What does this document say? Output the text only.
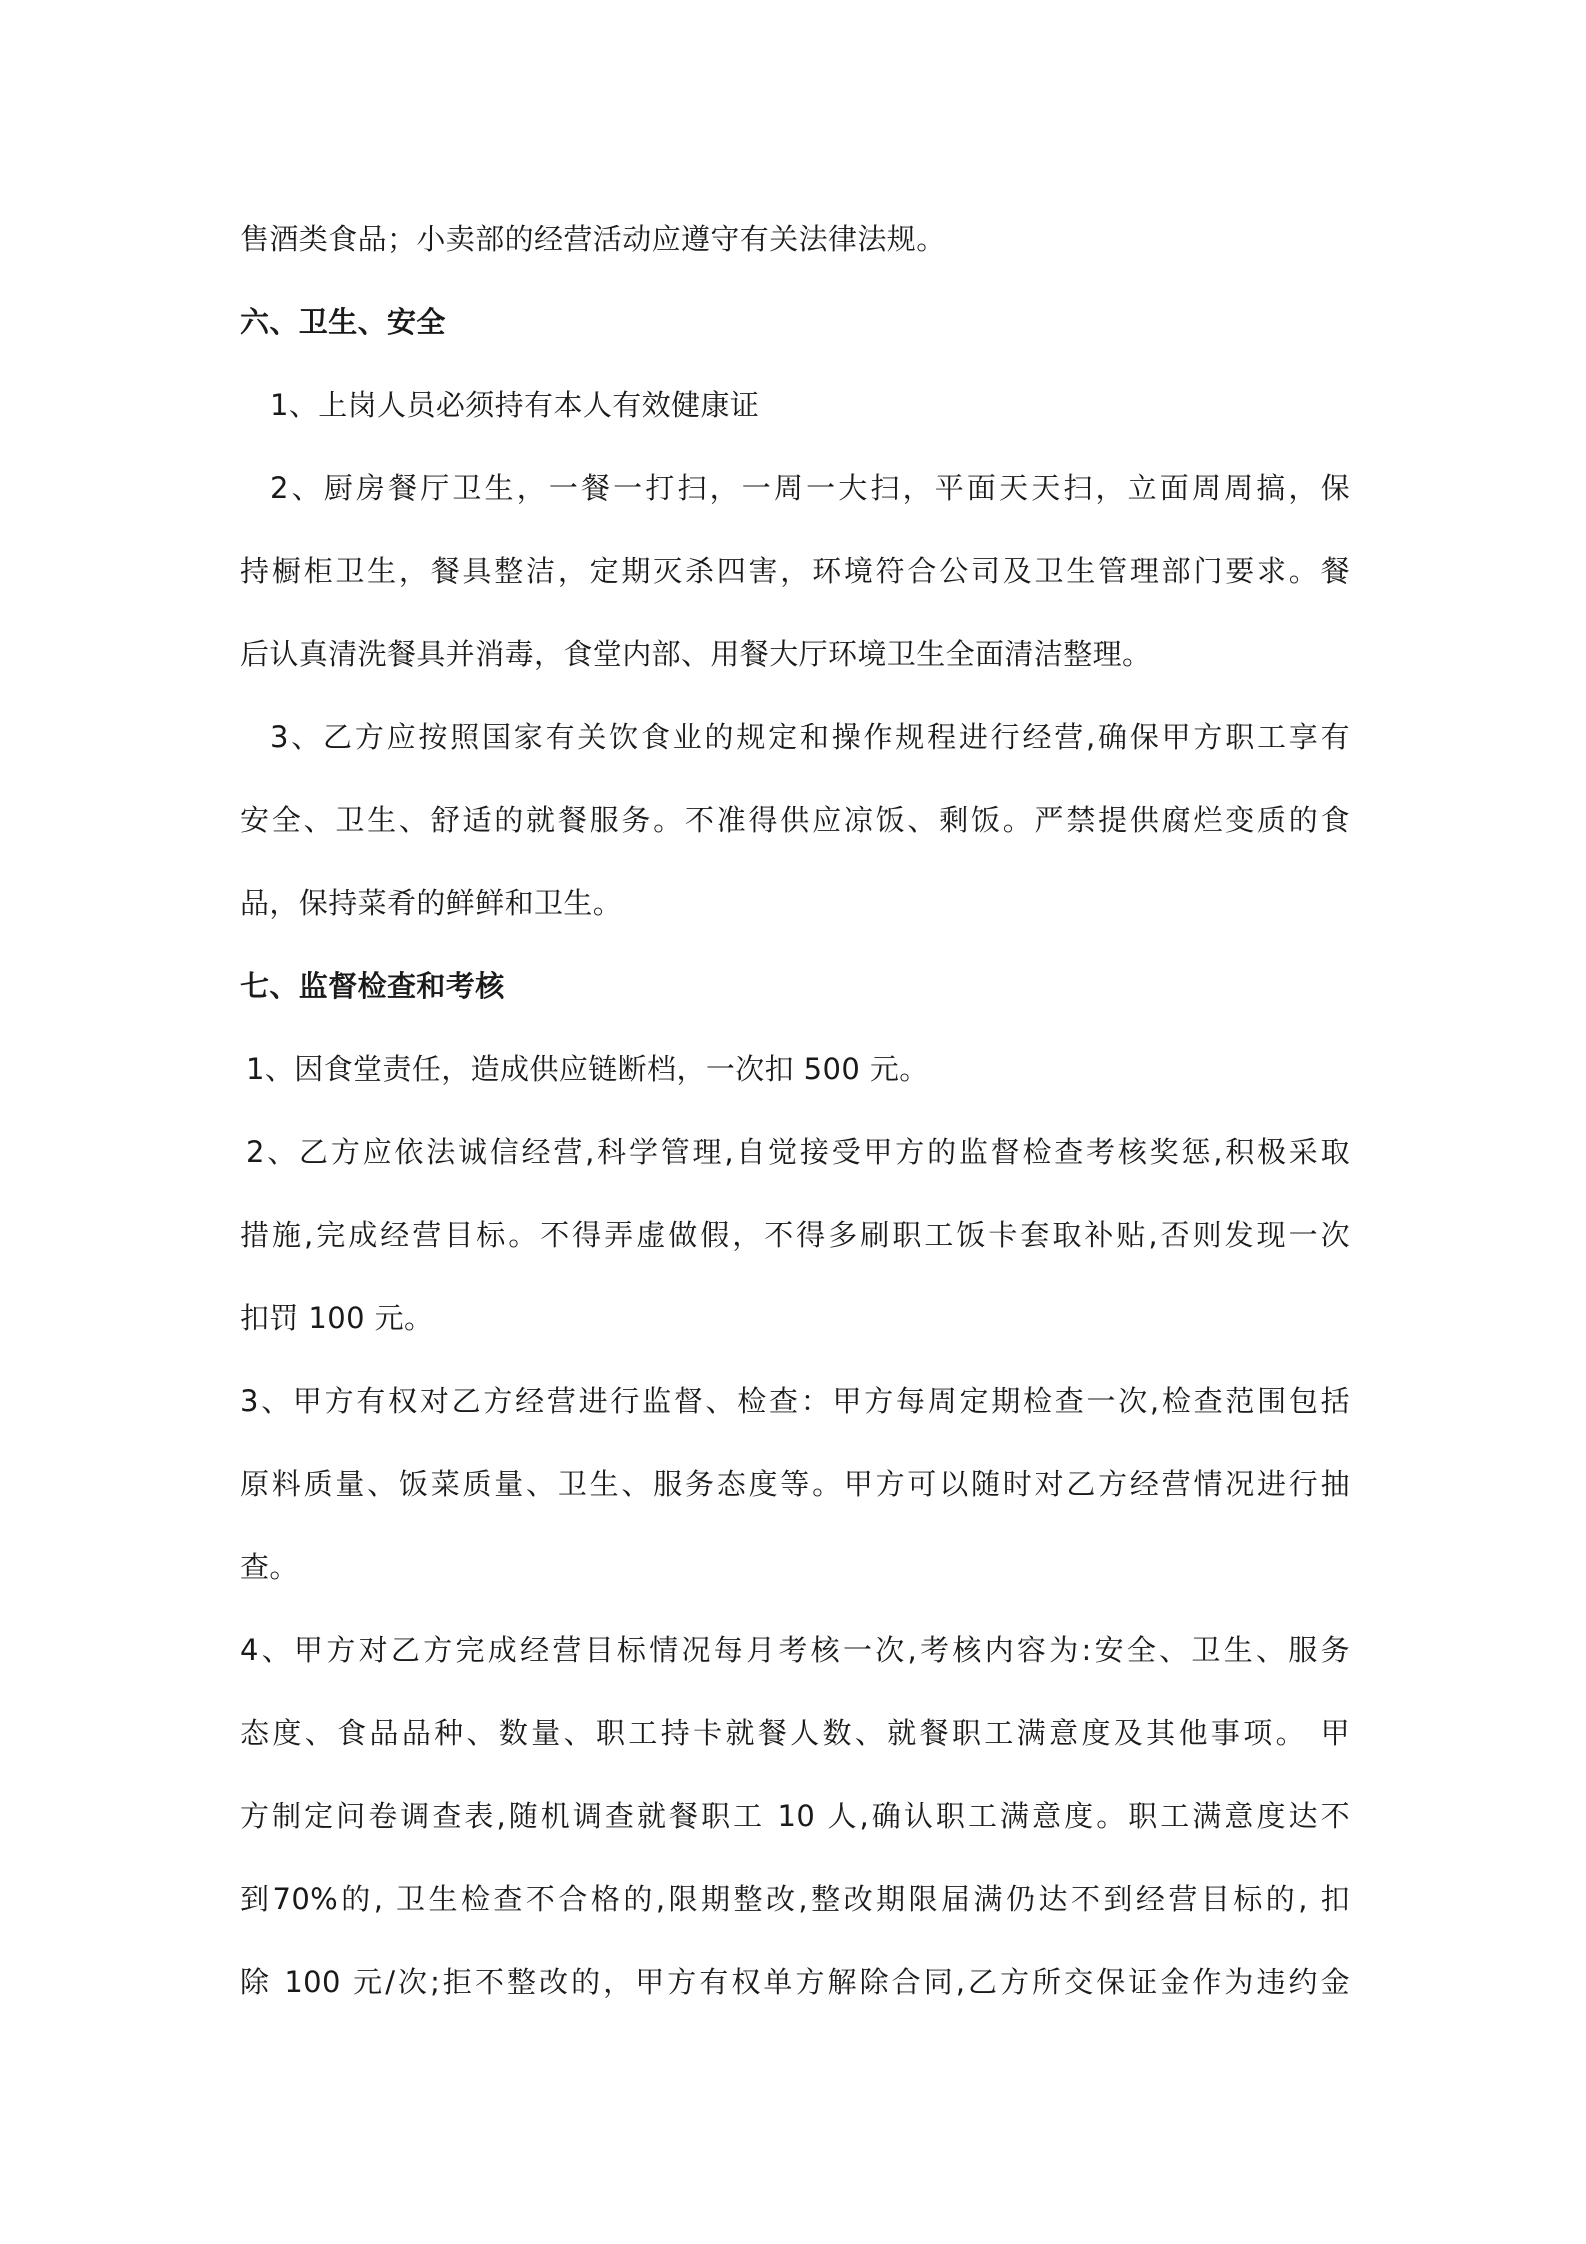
售酒类食品；小卖部的经营活动应遵守有关法律法规。
六、卫生、安全
1、上岗人员必须持有本人有效健康证
2、厨房餐厅卫生，一餐一打扫，一周一大扫，平面天天扫，立面周周搞，保
持橱柜卫生，餐具整洁，定期灭杀四害，环境符合公司及卫生管理部门要求。餐
后认真清洗餐具并消毒，食堂内部、用餐大厅环境卫生全面清洁整理。
3、乙方应按照国家有关饮食业的规定和操作规程进行经营,确保甲方职工享有
安全、卫生、舒适的就餐服务。不准得供应凉饭、剩饭。严禁提供腐烂变质的食
品，保持菜肴的鲜鲜和卫生。
七、监督检查和考核
1、因食堂责任，造成供应链断档，一次扣 500 元。
2、乙方应依法诚信经营,科学管理,自觉接受甲方的监督检查考核奖惩,积极采取
措施,完成经营目标。不得弄虚做假，不得多刷职工饭卡套取补贴,否则发现一次
扣罚 100 元。
3、甲方有权对乙方经营进行监督、检查：甲方每周定期检查一次,检查范围包括
原料质量、饭菜质量、卫生、服务态度等。甲方可以随时对乙方经营情况进行抽
查。
4、甲方对乙方完成经营目标情况每月考核一次,考核内容为:安全、卫生、服务
态度、食品品种、数量、职工持卡就餐人数、就餐职工满意度及其他事项。 甲
方制定问卷调查表,随机调查就餐职工 10 人,确认职工满意度。职工满意度达不
到70%的, 卫生检查不合格的,限期整改,整改期限届满仍达不到经营目标的, 扣
除 100 元/次;拒不整改的，甲方有权单方解除合同,乙方所交保证金作为违约金
